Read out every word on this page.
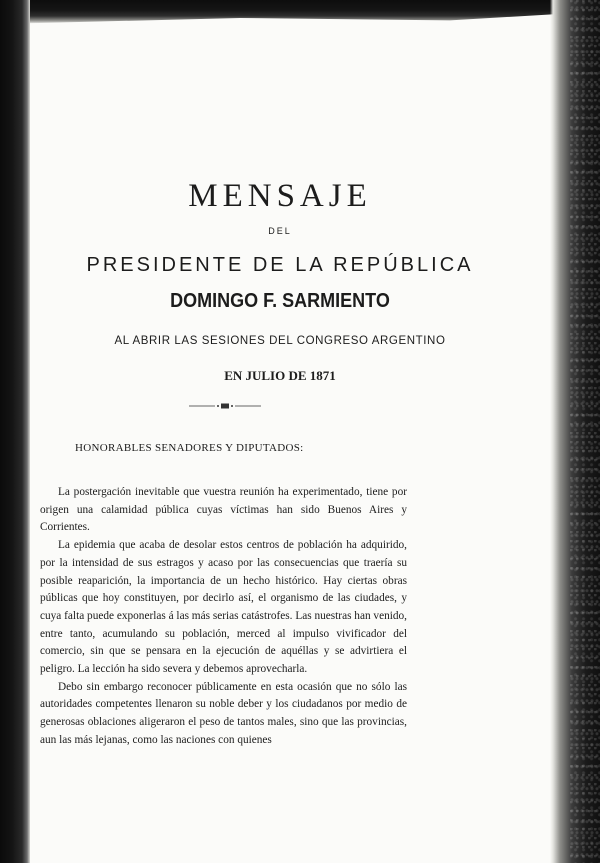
MENSAJE
DEL
PRESIDENTE DE LA REPÚBLICA
DOMINGO F. SARMIENTO
AL ABRIR LAS SESIONES DEL CONGRESO ARGENTINO
EN JULIO DE 1871
HONORABLES SENADORES Y DIPUTADOS:

La postergación inevitable que vuestra reunión ha experimentado, tiene por origen una calamidad pública cuyas víctimas han sido Buenos Aires y Corrientes.

La epidemia que acaba de desolar estos centros de población ha adquirido, por la intensidad de sus estragos y acaso por las consecuencias que traería su posible reaparición, la importancia de un hecho histórico. Hay ciertas obras públicas que hoy constituyen, por decirlo así, el organismo de las ciudades, y cuya falta puede exponerlas á las más serias catástrofes. Las nuestras han venido, entre tanto, acumulando su población, merced al impulso vivificador del comercio, sin que se pensara en la ejecución de aquéllas y se advirtiera el peligro. La lección ha sido severa y debemos aprovecharla.

Debo sin embargo reconocer públicamente en esta ocasión que no sólo las autoridades competentes llenaron su noble deber y los ciudadanos por medio de generosas oblaciones aligeraron el peso de tantos males, sino que las provincias, aun las más lejanas, como las naciones con quienes
